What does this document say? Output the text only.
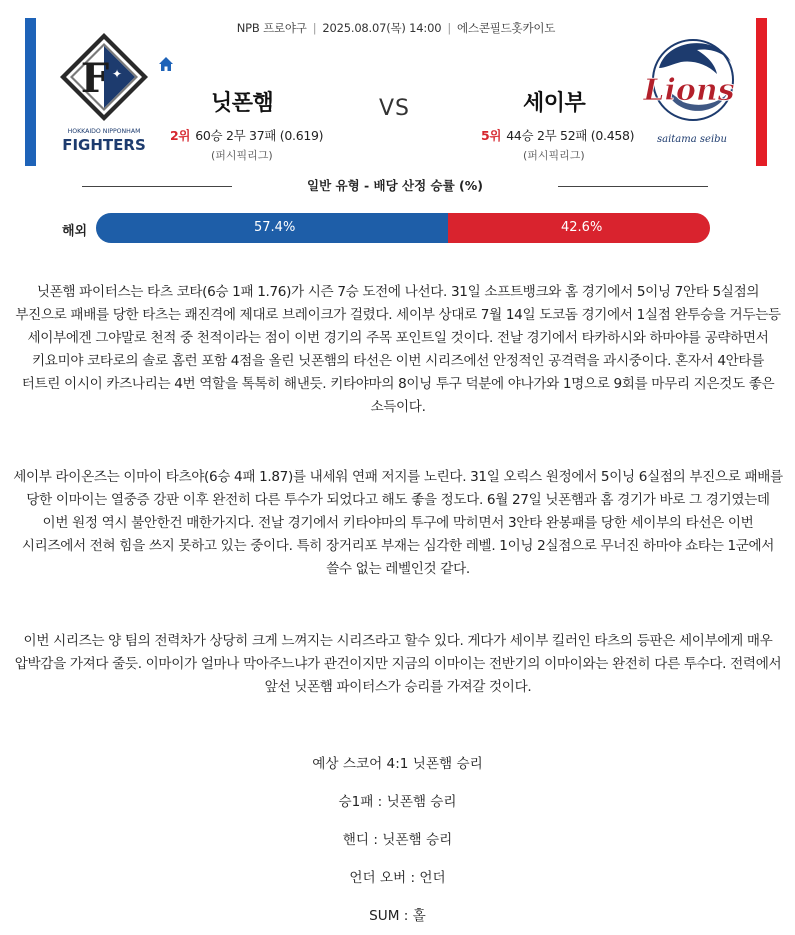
NPB 프로야구 | 2025.08.07(목) 14:00 | 에스콘필드홋카이도
F ✦
HOKKAIDO NIPPONHAM
FIGHTERS
닛폰햄	VS	세이부
2위 60승 2무 37패 (0.619)	5위 44승 2무 52패 (0.458)
(퍼시픽리그)	(퍼시픽리그)
Lions
saitama seibu
일반 유형 - 배당 산정 승률 (%)
해외	57.4%	42.6%
닛폰햄 파이터스는 타츠 코타(6승 1패 1.76)가 시즌 7승 도전에 나선다. 31일 소프트뱅크와 홈 경기에서 5이닝 7안타 5실점의 부진으로 패배를 당한 타츠는 쾌진격에 제대로 브레이크가 걸렸다. 세이부 상대로 7월 14일 도코돔 경기에서 1실점 완투승을 거두는등 세이부에겐 그야말로 천적 중 천적이라는 점이 이번 경기의 주목 포인트일 것이다. 전날 경기에서 타카하시와 하마야를 공략하면서 키요미야 코타로의 솔로 홈런 포함 4점을 올린 닛폰햄의 타선은 이번 시리즈에선 안정적인 공격력을 과시중이다. 혼자서 4안타를 터트린 이시이 카즈나리는 4번 역할을 톡톡히 해낸듯. 키타야마의 8이닝 투구 덕분에 야나가와 1명으로 9회를 마무리 지은것도 좋은 소득이다.
세이부 라이온즈는 이마이 타츠야(6승 4패 1.87)를 내세워 연패 저지를 노린다. 31일 오릭스 원정에서 5이닝 6실점의 부진으로 패배를 당한 이마이는 열중증 강판 이후 완전히 다른 투수가 되었다고 해도 좋을 정도다. 6월 27일 닛폰햄과 홈 경기가 바로 그 경기였는데 이번 원정 역시 불안한건 매한가지다. 전날 경기에서 키타야마의 투구에 막히면서 3안타 완봉패를 당한 세이부의 타선은 이번 시리즈에서 전혀 힘을 쓰지 못하고 있는 중이다. 특히 장거리포 부재는 심각한 레벨. 1이닝 2실점으로 무너진 하마야 쇼타는 1군에서 쓸수 없는 레벨인것 같다.
이번 시리즈는 양 팀의 전력차가 상당히 크게 느껴지는 시리즈라고 할수 있다. 게다가 세이부 킬러인 타츠의 등판은 세이부에게 매우 압박감을 가져다 줄듯. 이마이가 얼마나 막아주느냐가 관건이지만 지금의 이마이는 전반기의 이마이와는 완전히 다른 투수다. 전력에서 앞선 닛폰햄 파이터스가 승리를 가져갈 것이다.
예상 스코어 4:1 닛폰햄 승리
승1패 : 닛폰햄 승리
핸디 : 닛폰햄 승리
언더 오버 : 언더
SUM : 홀
